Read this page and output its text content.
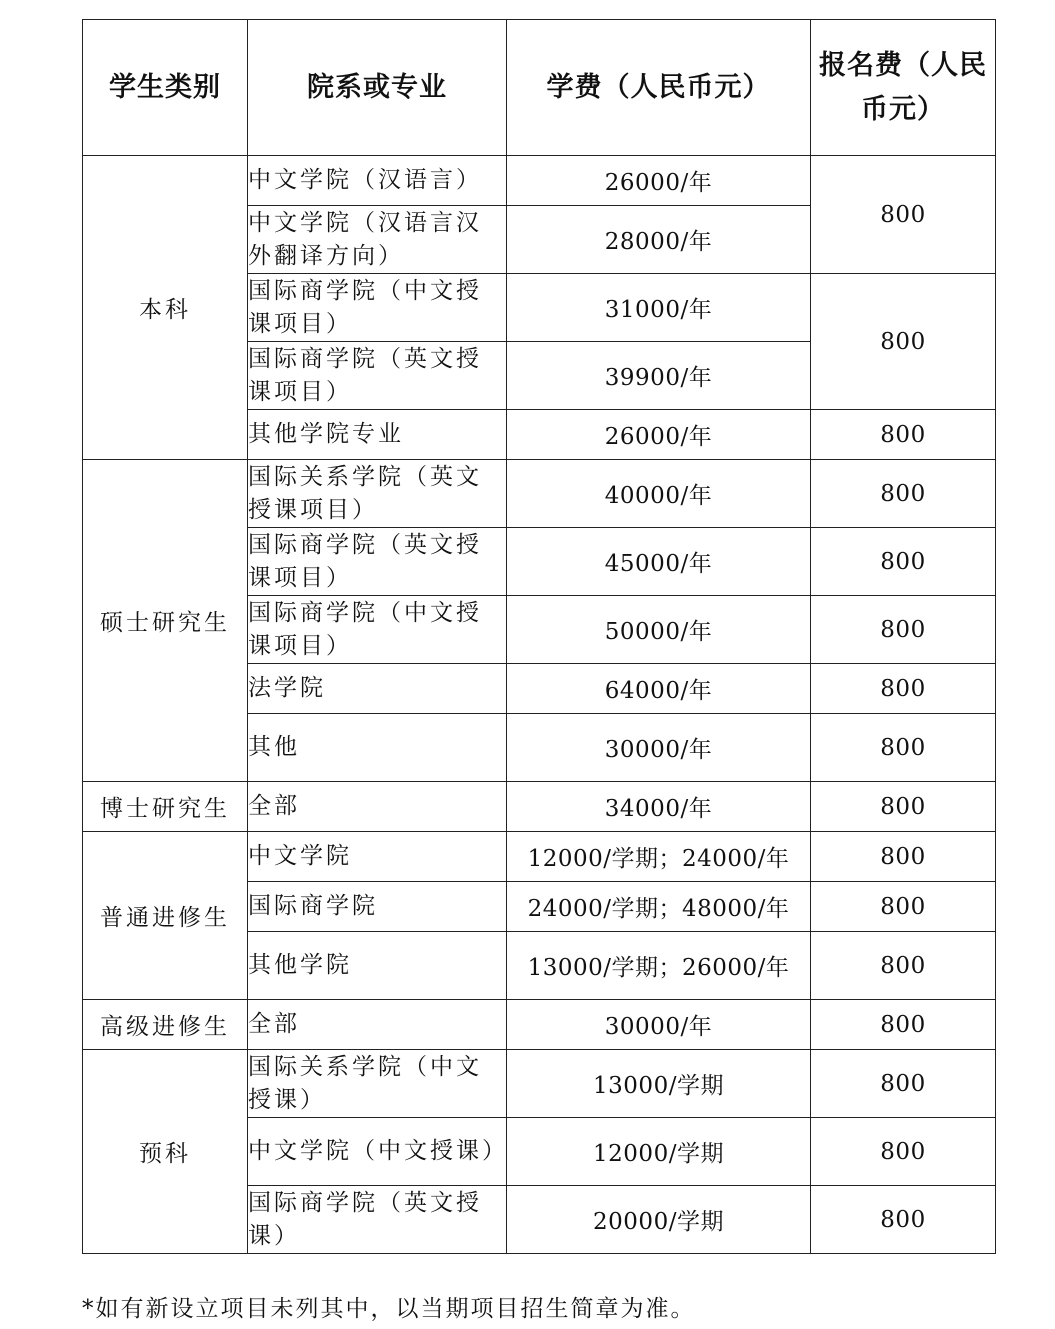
学生类别	院系或专业	学费（人民币元）	报名费（人民币元）
本科	中文学院（汉语言）	26000/年	800
	中文学院（汉语言汉外翻译方向）	28000/年	
	国际商学院（中文授课项目）	31000/年	800
	国际商学院（英文授课项目）	39900/年	
	其他学院专业	26000/年	800
硕士研究生	国际关系学院（英文授课项目）	40000/年	800
	国际商学院（英文授课项目）	45000/年	800
	国际商学院（中文授课项目）	50000/年	800
	法学院	64000/年	800
	其他	30000/年	800
博士研究生	全部	34000/年	800
普通进修生	中文学院	12000/学期；24000/年	800
	国际商学院	24000/学期；48000/年	800
	其他学院	13000/学期；26000/年	800
高级进修生	全部	30000/年	800
预科	国际关系学院（中文授课）	13000/学期	800
	中文学院（中文授课）	12000/学期	800
	国际商学院（英文授课）	20000/学期	800
*如有新设立项目未列其中，以当期项目招生简章为准。
